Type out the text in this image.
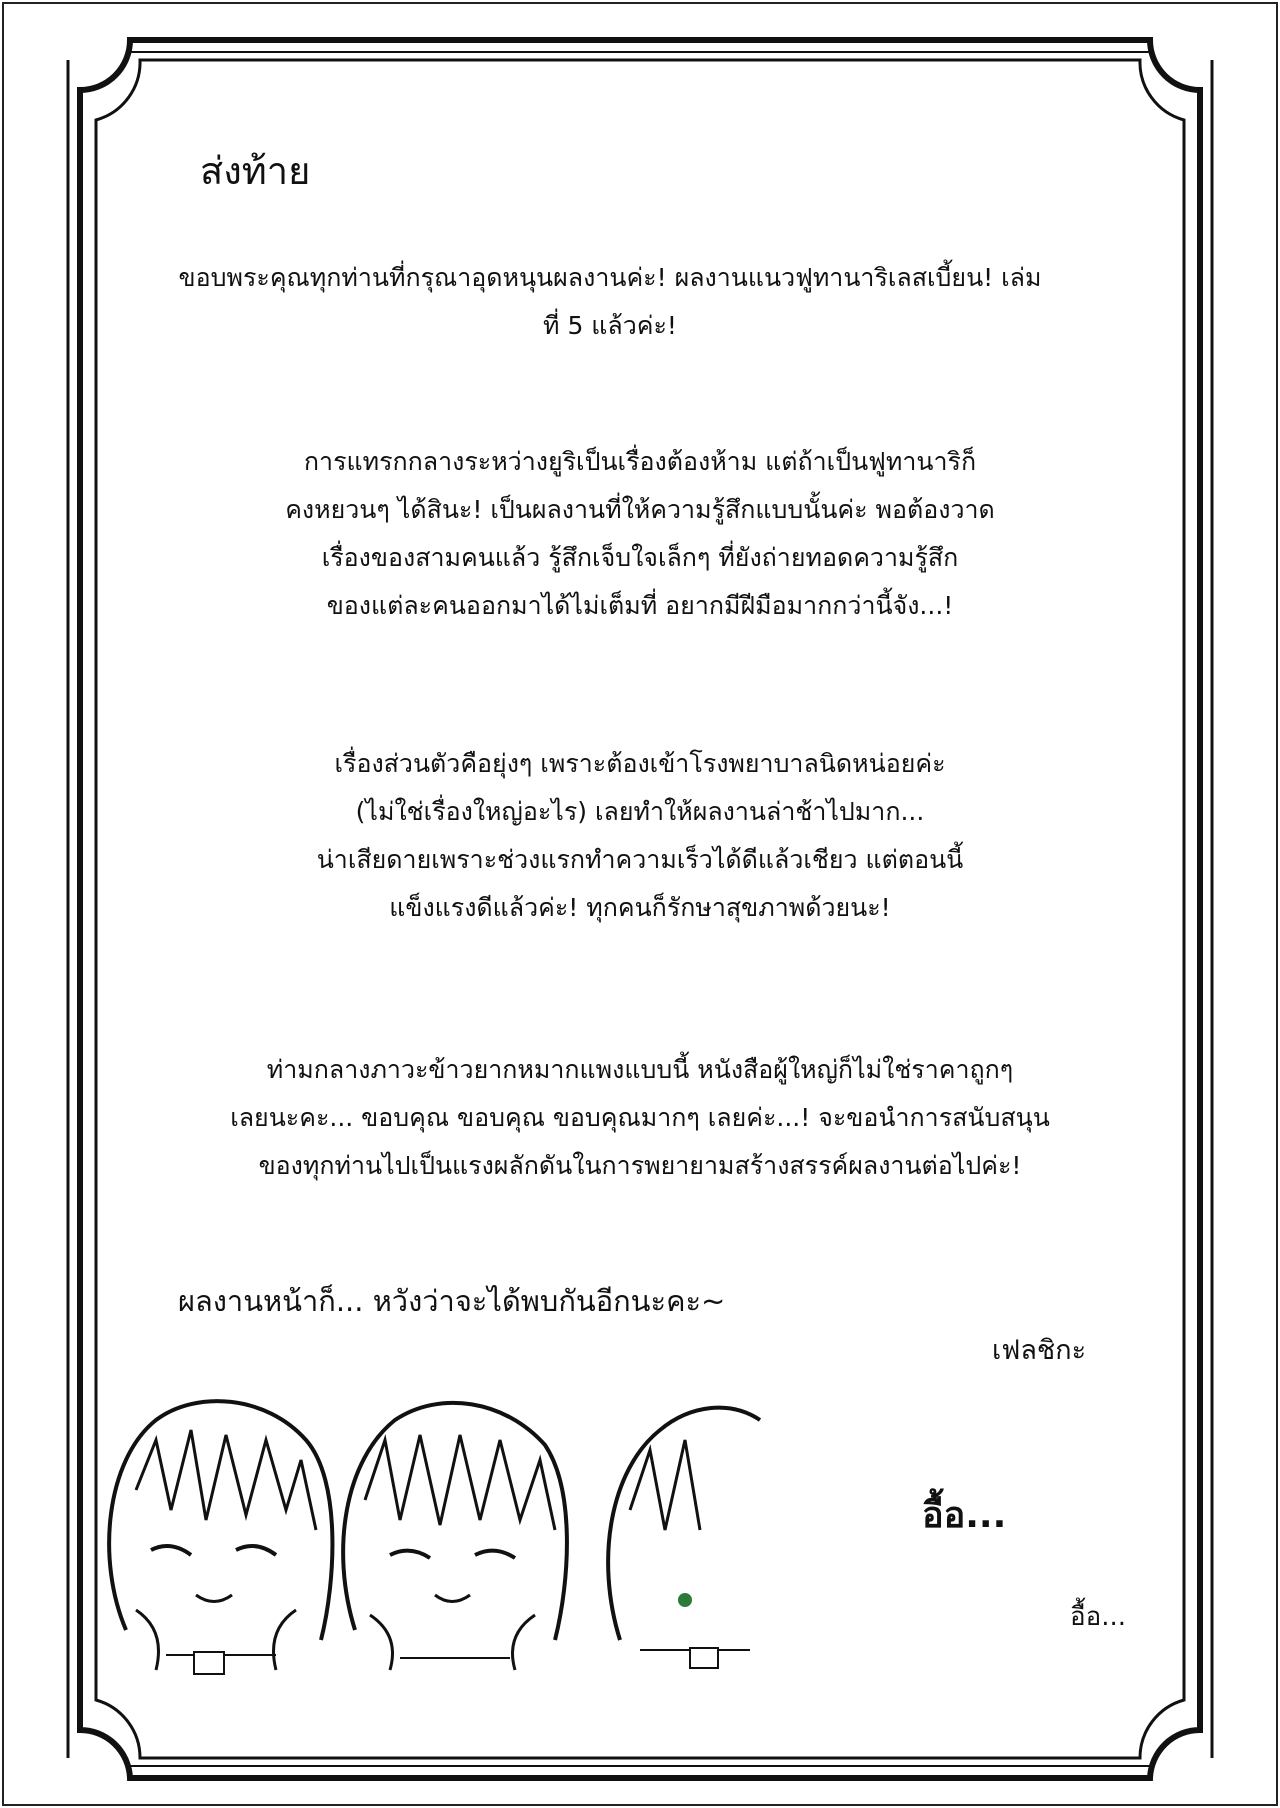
ส่งท้าย
ขอบพระคุณทุกท่านที่กรุณาอุดหนุนผลงานค่ะ! ผลงานแนวฟูทานาริเลสเบี้ยน! เล่ม
ที่ 5 แล้วค่ะ!
การแทรกกลางระหว่างยูริเป็นเรื่องต้องห้าม แต่ถ้าเป็นฟูทานาริก็
คงหยวนๆ ได้สินะ! เป็นผลงานที่ให้ความรู้สึกแบบนั้นค่ะ พอต้องวาด
เรื่องของสามคนแล้ว รู้สึกเจ็บใจเล็กๆ ที่ยังถ่ายทอดความรู้สึก
ของแต่ละคนออกมาได้ไม่เต็มที่ อยากมีฝีมือมากกว่านี้จัง...!
เรื่องส่วนตัวคือยุ่งๆ เพราะต้องเข้าโรงพยาบาลนิดหน่อยค่ะ
(ไม่ใช่เรื่องใหญ่อะไร) เลยทำให้ผลงานล่าช้าไปมาก...
น่าเสียดายเพราะช่วงแรกทำความเร็วได้ดีแล้วเชียว แต่ตอนนี้
แข็งแรงดีแล้วค่ะ! ทุกคนก็รักษาสุขภาพด้วยนะ!
ท่ามกลางภาวะข้าวยากหมากแพงแบบนี้ หนังสือผู้ใหญ่ก็ไม่ใช่ราคาถูกๆ
เลยนะคะ... ขอบคุณ ขอบคุณ ขอบคุณมากๆ เลยค่ะ...! จะขอนำการสนับสนุน
ของทุกท่านไปเป็นแรงผลักดันในการพยายามสร้างสรรค์ผลงานต่อไปค่ะ!
ผลงานหน้าก็... หวังว่าจะได้พบกันอีกนะคะ~
เฟลชิกะ
อื้อ...
อื้อ...
